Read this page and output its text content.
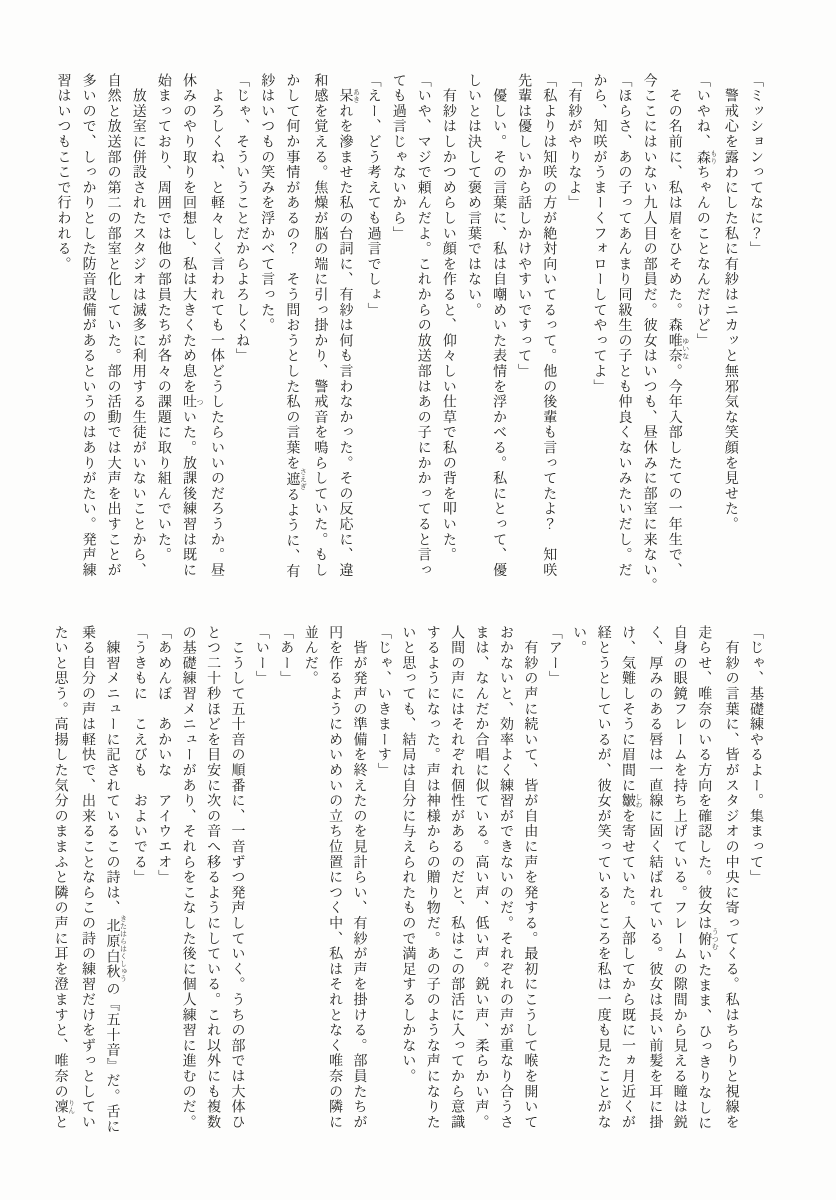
「ミッションってなに？」

　警戒心を露わにした私に有紗はニカッと無邪気な笑顔を見せた。

「いやね、森 もりちゃんのことなんだけど」

　その名前に、私は眉をひそめた。森唯奈 ゆいな。今年入部したての一年生で、

今ここにはいない九人目の部員だ。彼女はいつも、昼休みに部室に来ない。

「ほらさ、あの子ってあんまり同級生の子とも仲良くないみたいだし。だ

から、知咲がうまーくフォローしてやってよ」

「有紗がやりなよ」

「私よりは知咲の方が絶対向いてるって。他の後輩も言ってたよ？　知咲

先輩は優しいから話しかけやすいですって」

　優しい。その言葉に、私は自嘲めいた表情を浮かべる。私にとって、優

しいとは決して褒め言葉ではない。

　有紗はしかつめらしい顔を作ると、仰々しい仕草で私の背を叩いた。

「いや、マジで頼んだよ。これからの放送部はあの子にかかってると言っ

ても過言じゃないから」

「えー、どう考えても過言でしょ」

　呆 あきれを滲ませた私の台詞に、有紗は何も言わなかった。その反応に、違

和感を覚える。焦燥が脳の端に引っ掛かり、警戒音を鳴らしていた。もし

かして何か事情があるの？　そう問おうとした私の言葉を遮 さえぎるように、有

紗はいつもの笑みを浮かべて言った。

「じゃ、そういうことだからよろしくね」

　よろしくね、と軽々しく言われても一体どうしたらいいのだろうか。昼

休みのやり取りを回想し、私は大きくため息を吐 ついた。放課後練習は既に

始まっており、周囲では他の部員たちが各々の課題に取り組んでいた。

　放送室に併設されたスタジオは滅多に利用する生徒がいないことから、

自然と放送部の第二の部室と化していた。部の活動では大声を出すことが

多いので、しっかりとした防音設備があるというのはありがたい。発声練

習はいつもここで行われる。

「じゃ、基礎練やるよー。集まって」

　有紗の言葉に、皆がスタジオの中央に寄ってくる。私はちらりと視線を

走らせ、唯奈のいる方向を確認した。彼女は俯 うつむいたまま、ひっきりなしに

自身の眼鏡フレームを持ち上げている。フレームの隙間から見える瞳は鋭

く、厚みのある唇は一直線に固く結ばれている。彼女は長い前髪を耳に掛

け、気難しそうに眉間に皺 しわを寄せていた。入部してから既に一ヵ月近くが

経とうとしているが、彼女が笑っているところを私は一度も見たことがな

い。

「アー」

　有紗の声に続いて、皆が自由に声を発する。最初にこうして喉を開いて

おかないと、効率よく練習ができないのだ。それぞれの声が重なり合うさ

まは、なんだか合唱に似ている。高い声、低い声。鋭い声、柔らかい声。

人間の声にはそれぞれ個性があるのだと、私はこの部活に入ってから意識

するようになった。声は神様からの贈り物だ。あの子のような声になりた

いと思っても、結局は自分に与えられたもので満足するしかない。

「じゃ、いきまーす」

　皆が発声の準備を終えたのを見計らい、有紗が声を掛ける。部員たちが

円を作るようにめいめいの立ち位置につく中、私はそれとなく唯奈の隣に

並んだ。

「あー」

「いー」

　こうして五十音の順番に、一音ずつ発声していく。うちの部では大体ひ

とつ二十秒ほどを目安に次の音へ移るようにしている。これ以外にも複数

の基礎練習メニューがあり、それらをこなした後に個人練習に進むのだ。

「あめんぼ　あかいな　アイウエオ」

「うきもに　こえびも　およいでる」

　練習メニューに記されているこの詩は、北原白秋 きたはらはくしゅうの『五十音』だ。舌に

乗る自分の声は軽快で、出来ることならこの詩の練習だけをずっとしてい

たいと思う。高揚した気分のままふと隣の声に耳を澄ますと、唯奈の凜 りんと
